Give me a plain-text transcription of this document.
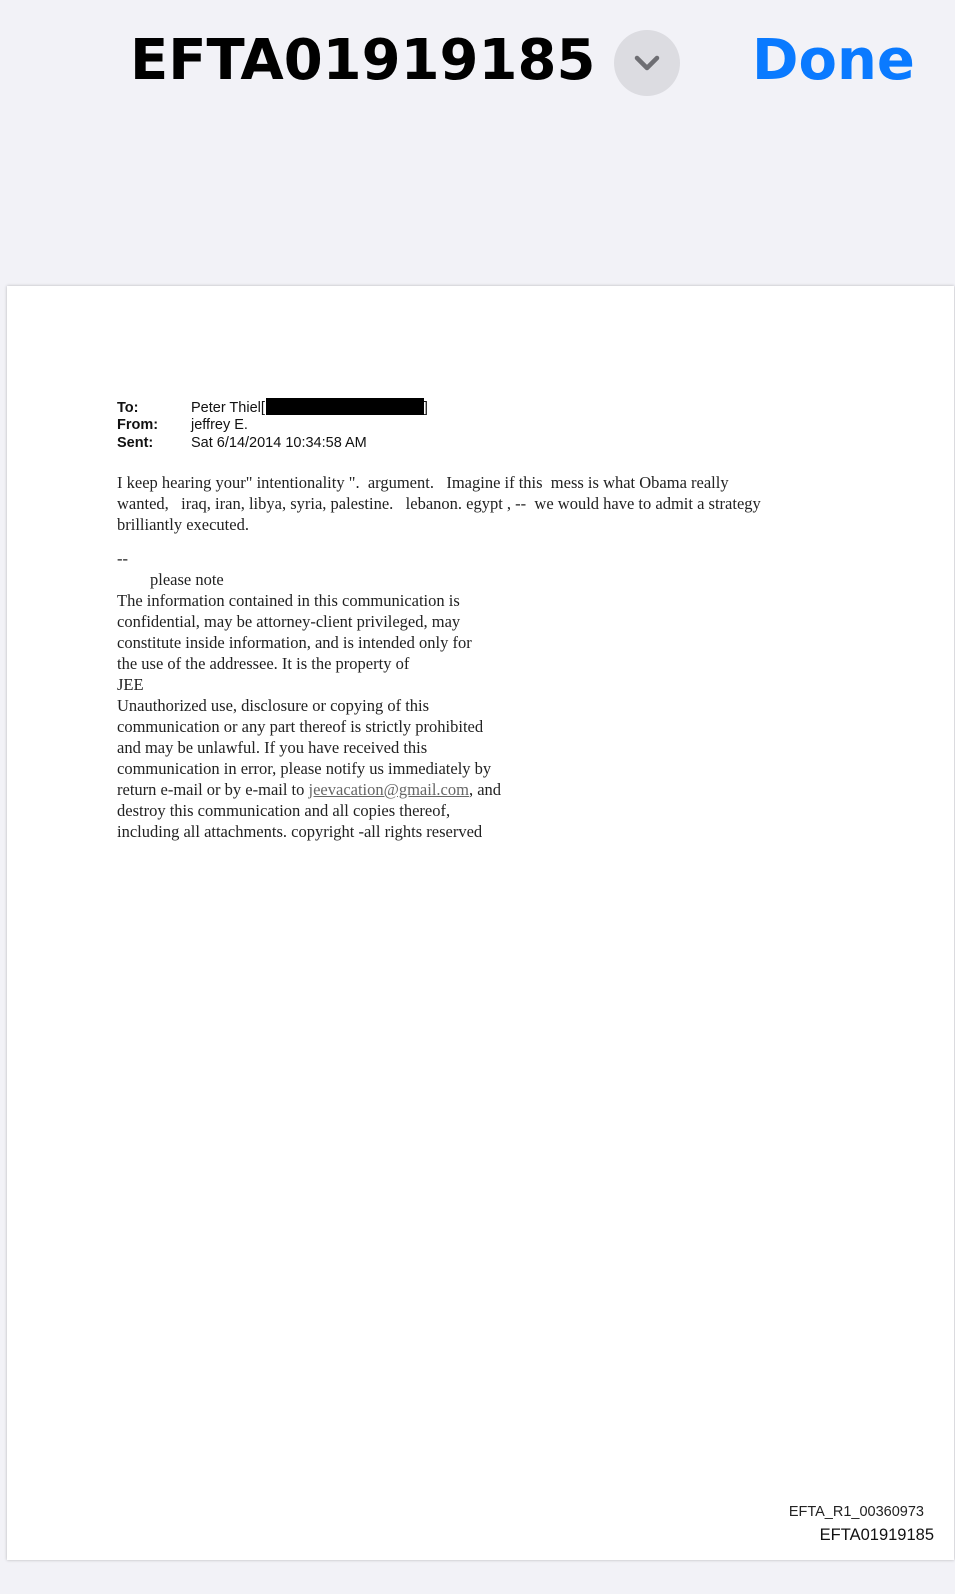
EFTA01919185	Done
To:	Peter Thiel[	]
From: jeffrey E.
Sent:	Sat 6/14/2014 10:34:58 AM

I keep hearing your" intentionality ".  argument.   Imagine if this  mess is what Obama really

wanted,   iraq, iran, libya, syria, palestine.   lebanon. egypt , --  we would have to admit a strategy

brilliantly executed.

--
please note
The information contained in this communication is
confidential, may be attorney-client privileged, may
constitute inside information, and is intended only for
the use of the addressee. It is the property of
JEE
Unauthorized use, disclosure or copying of this
communication or any part thereof is strictly prohibited
and may be unlawful. If you have received this
communication in error, please notify us immediately by
return e-mail or by e-mail to jeevacation@gmail.com, and
destroy this communication and all copies thereof,
including all attachments. copyright -all rights reserved
EFTA_R1_00360973
EFTA01919185
